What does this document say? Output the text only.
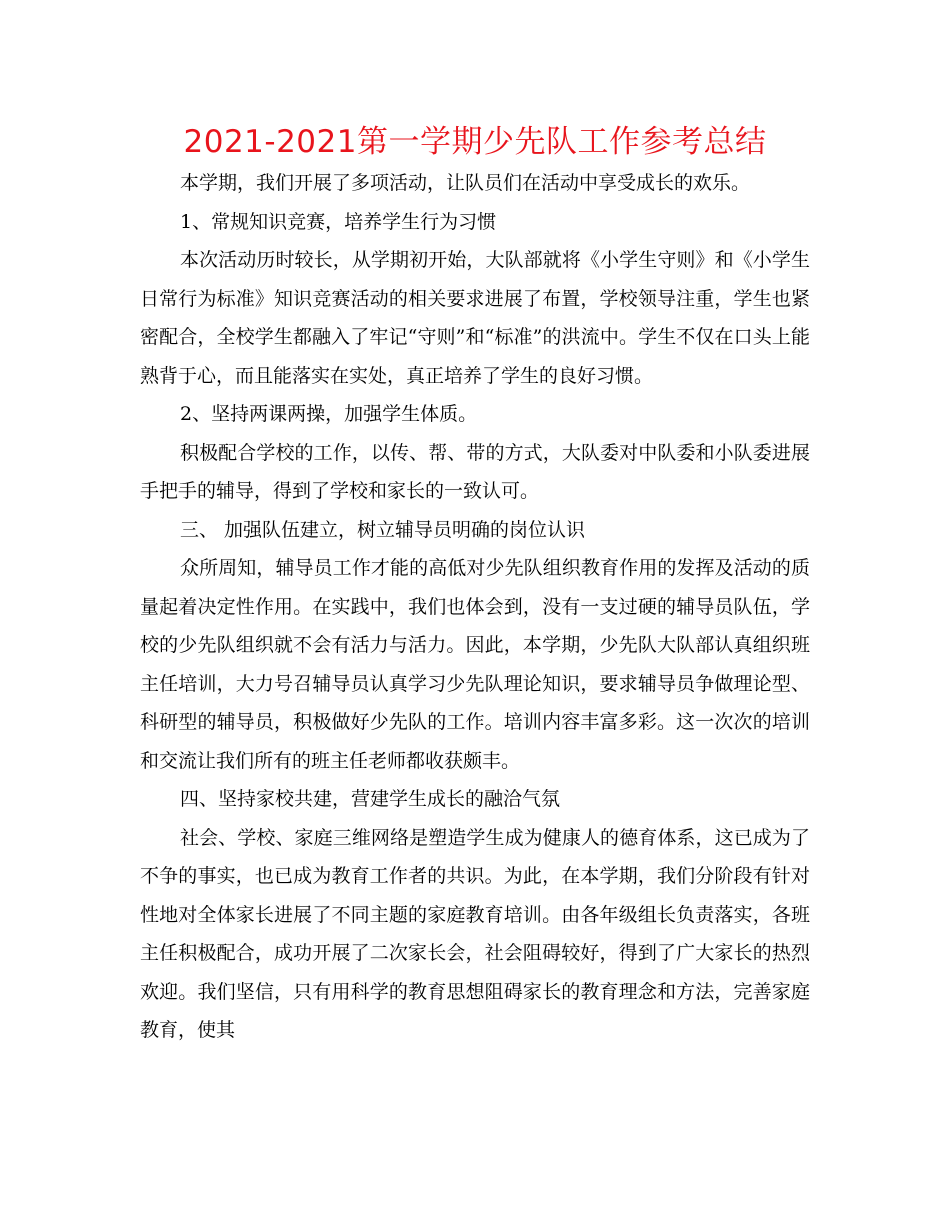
2021-2021第一学期少先队工作参考总结

本学期，我们开展了多项活动，让队员们在活动中享受成长的欢乐。

1、常规知识竞赛，培养学生行为习惯

本次活动历时较长，从学期初开始，大队部就将《小学生守则》和《小学生日常行为标准》知识竞赛活动的相关要求进展了布置，学校领导注重，学生也紧密配合，全校学生都融入了牢记“守则”和“标准”的洪流中。学生不仅在口头上能熟背于心，而且能落实在实处，真正培养了学生的良好习惯。

2、坚持两课两操，加强学生体质。

积极配合学校的工作，以传、帮、带的方式，大队委对中队委和小队委进展手把手的辅导，得到了学校和家长的一致认可。

三、 加强队伍建立，树立辅导员明确的岗位认识

众所周知，辅导员工作才能的高低对少先队组织教育作用的发挥及活动的质量起着决定性作用。在实践中，我们也体会到，没有一支过硬的辅导员队伍，学校的少先队组织就不会有活力与活力。因此，本学期，少先队大队部认真组织班主任培训，大力号召辅导员认真学习少先队理论知识，要求辅导员争做理论型、科研型的辅导员，积极做好少先队的工作。培训内容丰富多彩。这一次次的培训和交流让我们所有的班主任老师都收获颇丰。

四、坚持家校共建，营建学生成长的融洽气氛

社会、学校、家庭三维网络是塑造学生成为健康人的德育体系，这已成为了不争的事实，也已成为教育工作者的共识。为此，在本学期，我们分阶段有针对性地对全体家长进展了不同主题的家庭教育培训。由各年级组长负责落实，各班主任积极配合，成功开展了二次家长会，社会阻碍较好，得到了广大家长的热烈欢迎。我们坚信，只有用科学的教育思想阻碍家长的教育理念和方法，完善家庭教育，使其
